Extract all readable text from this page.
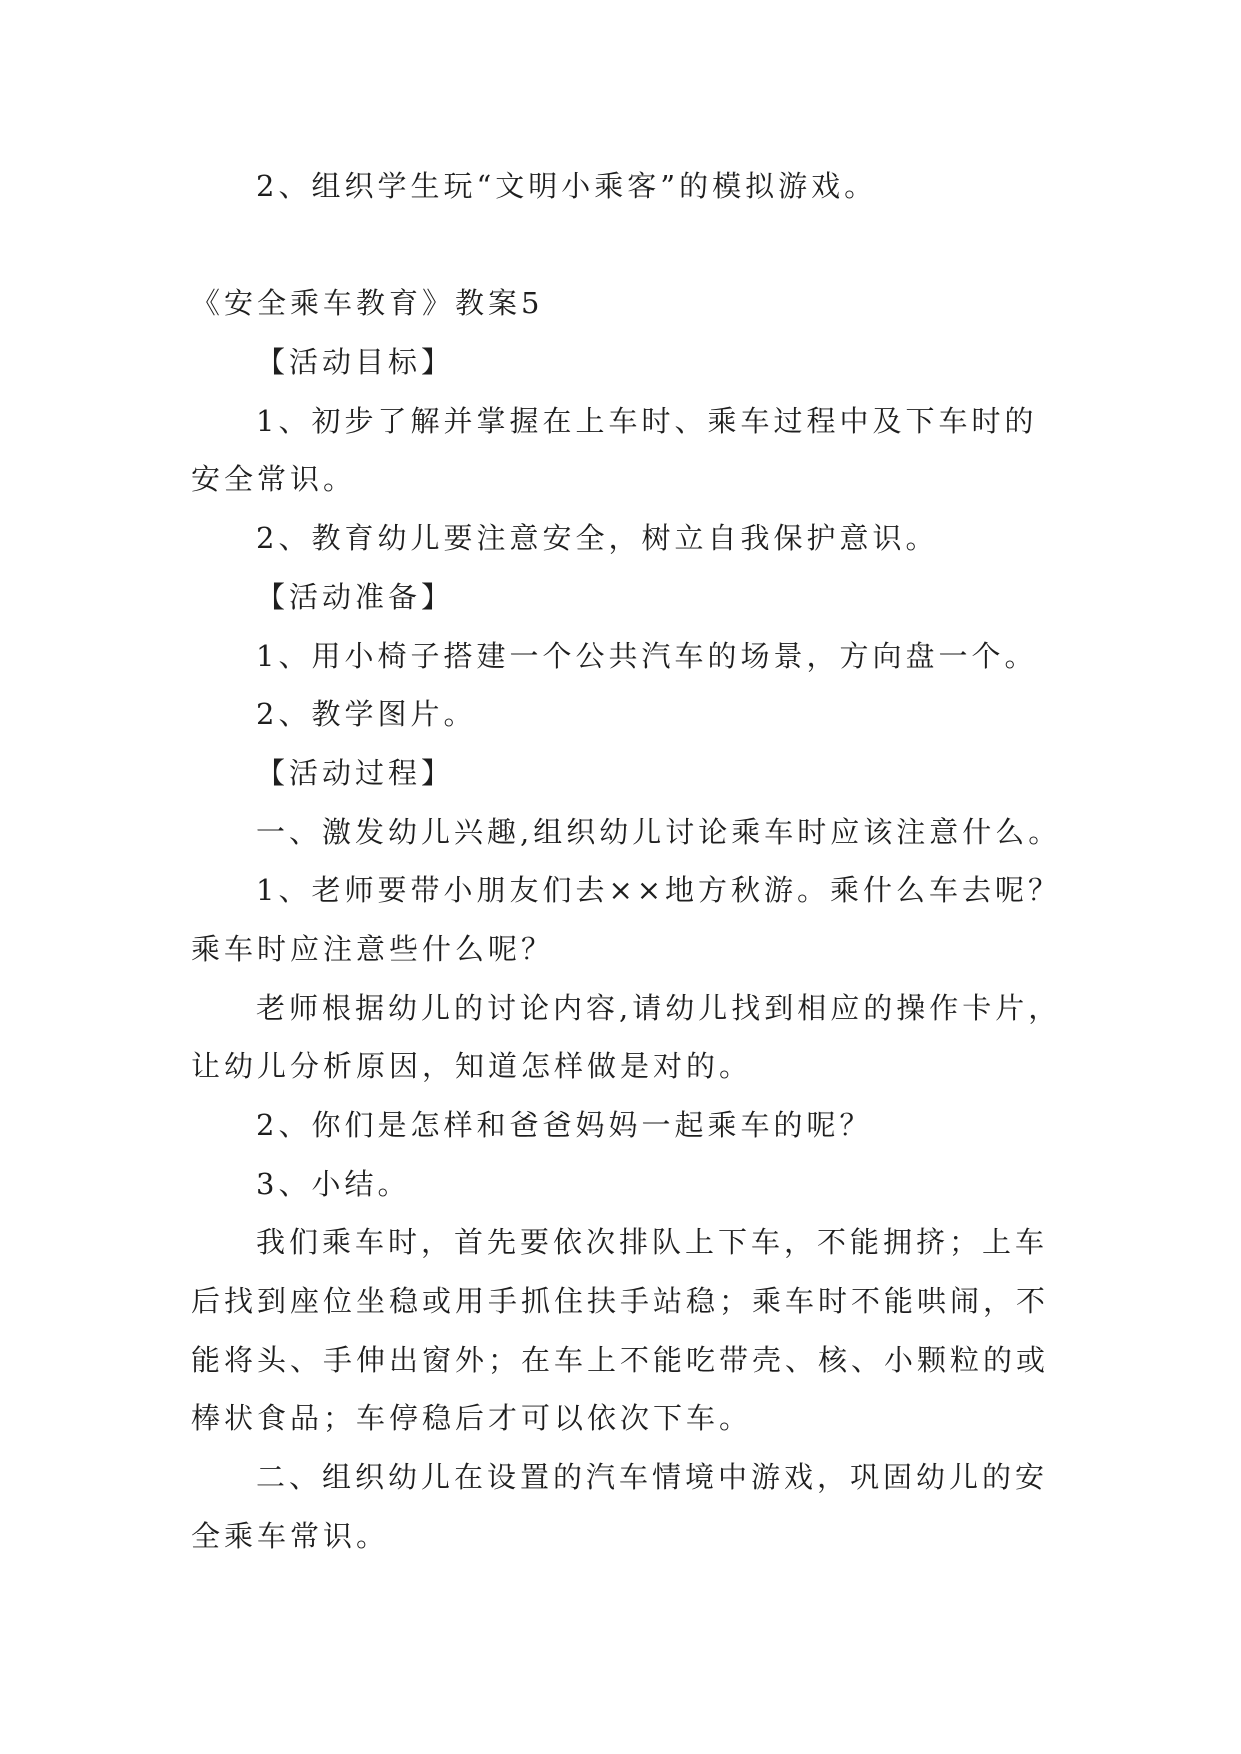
2、组织学生玩“文明小乘客”的模拟游戏。
《安全乘车教育》教案5
【活动目标】
1、初步了解并掌握在上车时、乘车过程中及下车时的
安全常识。
2、教育幼儿要注意安全，树立自我保护意识。
【活动准备】
1、用小椅子搭建一个公共汽车的场景，方向盘一个。
2、教学图片。
【活动过程】
一、激发幼儿兴趣,组织幼儿讨论乘车时应该注意什么。
1、老师要带小朋友们去××地方秋游。乘什么车去呢？
乘车时应注意些什么呢？
老师根据幼儿的讨论内容,请幼儿找到相应的操作卡片，
让幼儿分析原因，知道怎样做是对的。
2、你们是怎样和爸爸妈妈一起乘车的呢？
3、小结。
我们乘车时，首先要依次排队上下车，不能拥挤；上车
后找到座位坐稳或用手抓住扶手站稳；乘车时不能哄闹，不
能将头、手伸出窗外；在车上不能吃带壳、核、小颗粒的或
棒状食品；车停稳后才可以依次下车。
二、组织幼儿在设置的汽车情境中游戏，巩固幼儿的安
全乘车常识。
